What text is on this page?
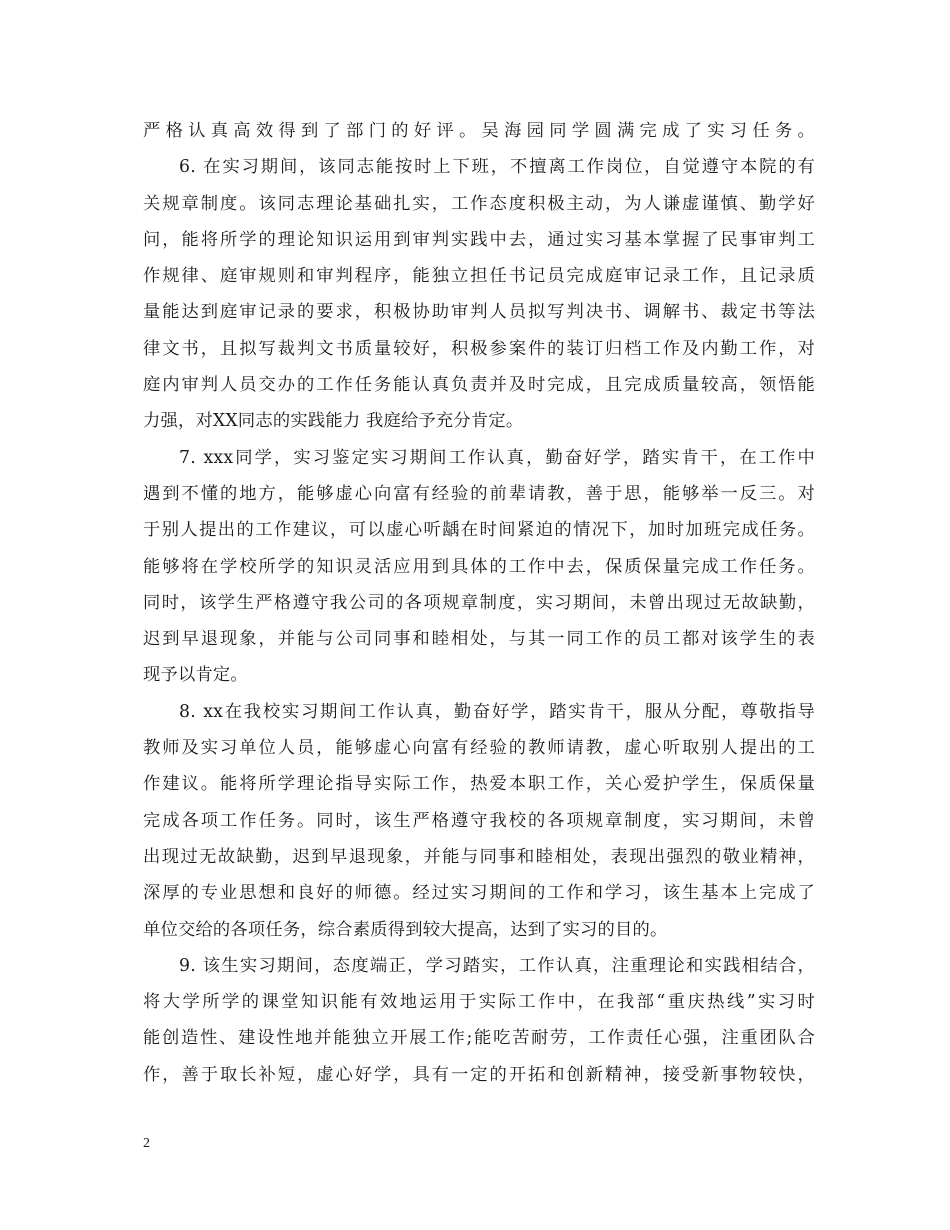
严格认真高效得到了部门的好评。吴海园同学圆满完成了实习任务。
6. 在实习期间，该同志能按时上下班，不擅离工作岗位，自觉遵守本院的有
关规章制度。该同志理论基础扎实，工作态度积极主动，为人谦虚谨慎、勤学好
问，能将所学的理论知识运用到审判实践中去，通过实习基本掌握了民事审判工
作规律、庭审规则和审判程序，能独立担任书记员完成庭审记录工作，且记录质
量能达到庭审记录的要求，积极协助审判人员拟写判决书、调解书、裁定书等法
律文书，且拟写裁判文书质量较好，积极参案件的装订归档工作及内勤工作，对
庭内审判人员交办的工作任务能认真负责并及时完成，且完成质量较高，领悟能
力强，对XX同志的实践能力 我庭给予充分肯定。
7. xxx同学，实习鉴定实习期间工作认真，勤奋好学，踏实肯干，在工作中
遇到不懂的地方，能够虚心向富有经验的前辈请教，善于思，能够举一反三。对
于别人提出的工作建议，可以虚心听龋在时间紧迫的情况下，加时加班完成任务。
能够将在学校所学的知识灵活应用到具体的工作中去，保质保量完成工作任务。
同时，该学生严格遵守我公司的各项规章制度，实习期间，未曾出现过无故缺勤，
迟到早退现象，并能与公司同事和睦相处，与其一同工作的员工都对该学生的表
现予以肯定。
8. xx在我校实习期间工作认真，勤奋好学，踏实肯干，服从分配，尊敬指导
教师及实习单位人员，能够虚心向富有经验的教师请教，虚心听取别人提出的工
作建议。能将所学理论指导实际工作，热爱本职工作，关心爱护学生，保质保量
完成各项工作任务。同时，该生严格遵守我校的各项规章制度，实习期间，未曾
出现过无故缺勤，迟到早退现象，并能与同事和睦相处，表现出强烈的敬业精神，
深厚的专业思想和良好的师德。经过实习期间的工作和学习，该生基本上完成了
单位交给的各项任务，综合素质得到较大提高，达到了实习的目的。
9. 该生实习期间，态度端正，学习踏实，工作认真，注重理论和实践相结合，
将大学所学的课堂知识能有效地运用于实际工作中，在我部“重庆热线”实习时
能创造性、建设性地并能独立开展工作;能吃苦耐劳，工作责任心强，注重团队合
作，善于取长补短，虚心好学，具有一定的开拓和创新精神，接受新事物较快，
2
